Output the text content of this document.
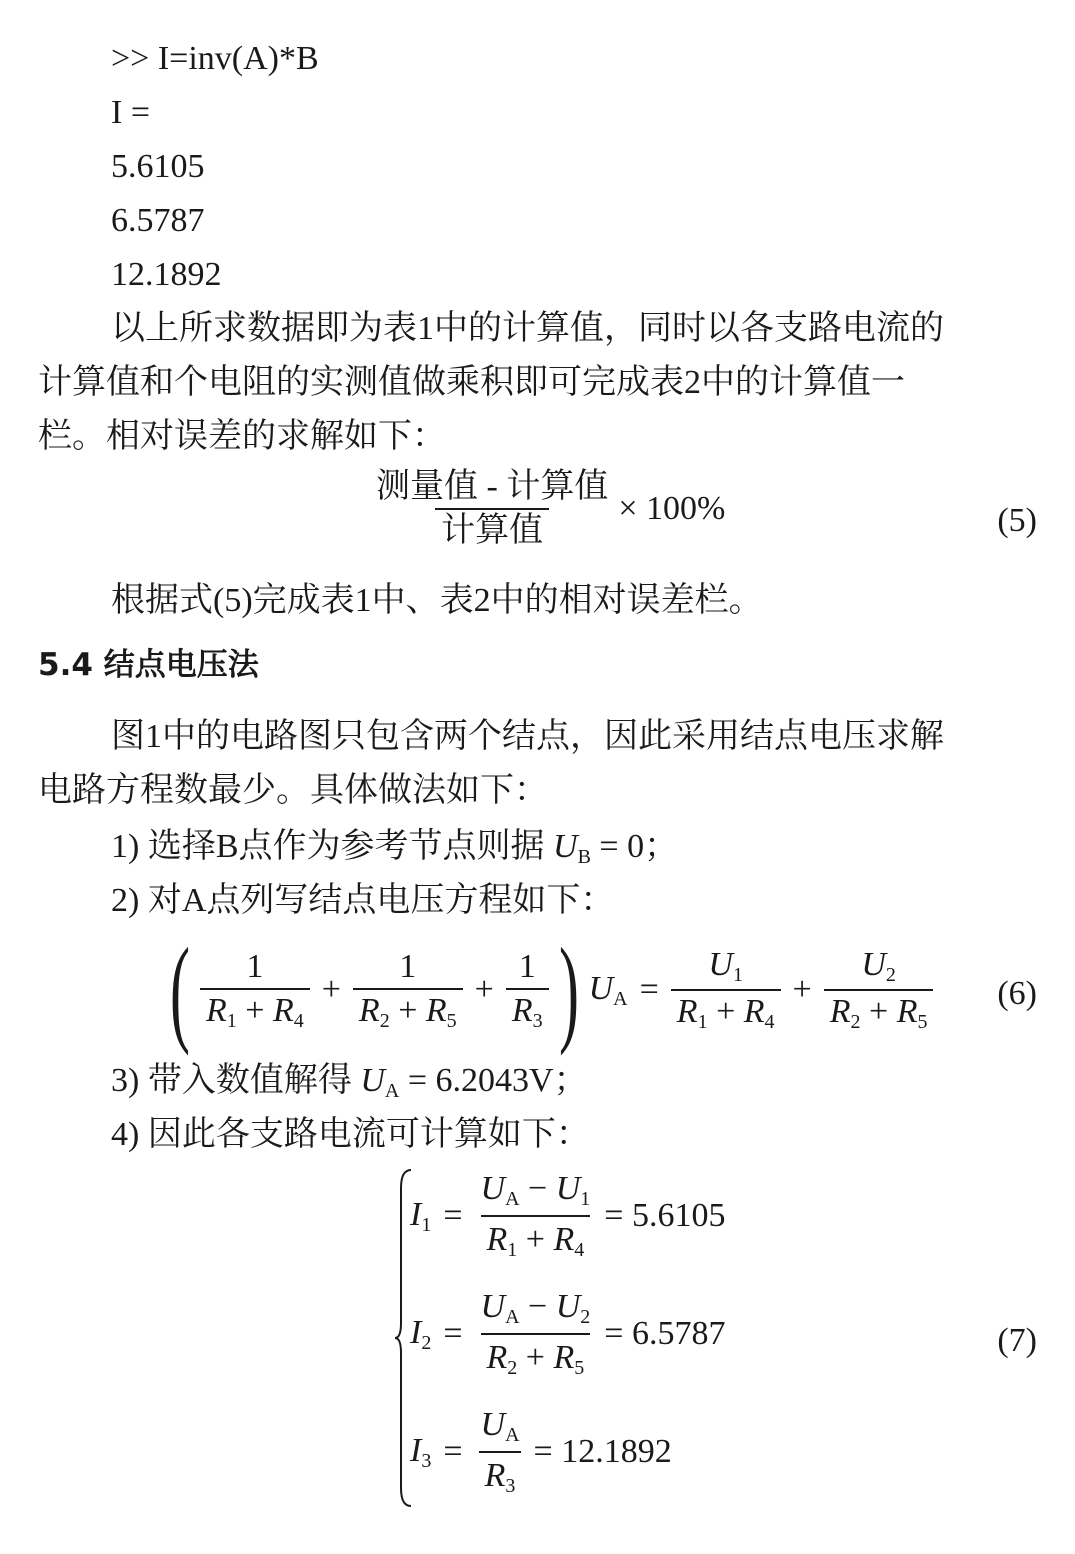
>> I=inv(A)*B
I =
5.6105
6.5787
12.1892
以上所求数据即为表1中的计算值，同时以各支路电流的
计算值和个电阻的实测值做乘积即可完成表2中的计算值一
栏。相对误差的求解如下：
$\frac{\text{测量值 - 计算值}}{\text{计算值}} \times 100\%$	(5)
根据式(5)完成表1中、表2中的相对误差栏。
5.4 结点电压法
图1中的电路图只包含两个结点，因此采用结点电压求解
电路方程数最少。具体做法如下：
1) 选择B点作为参考节点则据 $U_B = 0$；
2) 对A点列写结点电压方程如下：
( $\frac{1}{R_1 + R_4} + \frac{1}{R_2 + R_5} + \frac{1}{R_3}$ ) $U_A = \frac{U_1}{R_1 + R_4} + \frac{U_2}{R_2 + R_5} (6)$
3) 带入数值解得 $U_A = 6.2043V$；
4) 因此各支路电流可计算如下：
$I_1 = \frac{U_A - U_1}{R_1 + R_4} = 5.6105$
$I_2 = \frac{U_A - U_2}{R_2 + R_5} = 6.5787$
$I_3 = \frac{U_A}{R_3} = 12.1892$
(7)
